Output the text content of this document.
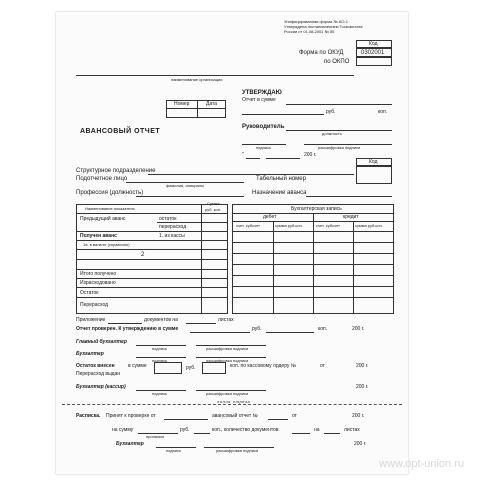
Унифицированная форма № АО-1
Утверждена постановлением Госкомстата
России от 01.08.2001 № 55
Код
Форма по ОКУД	0302001
по ОКПО
наименование организации
АВАНСОВЫЙ ОТЧЕТ
Номер	Дата
УТВЕРЖДАЮ
Отчет в сумме
руб.	коп.
Руководитель
должность
подпись	расшифровка подписи
"	200 г.
Код
Структурное подразделение
Подотчетное лицо
фамилия, инициалы
Табельный номер
Профессия (должность)	Назначение аванса
Наименование показателя
Сумма
руб. коп.
Предыдущий аванс	остаток
перерасход
Получен аванс	1. из кассы
1а. в валюте (справочно)
2
Итого получено
Израсходовано
Остаток
Перерасход
Бухгалтерская запись
дебет	кредит
счет, субсчет	сумма руб.коп.	счет, субсчет	сумма руб.коп.
Приложение	документов на	листах
Отчет проверен. К утверждению в сумме	руб.	коп.	200 г.
Главный бухгалтер
подпись	расшифровка подписи
Бухгалтер
подпись	расшифровка подписи
Остаток внесен
Перерасход выдан
в сумме	руб.	коп. по кассовому ордеру №	от	200 г.
Бухгалтер (кассир)
подпись	расшифровка подписи
200 г.
линия отреза
Расписка. Принят к проверке от	авансовый отчет №	от	200 г.
на сумму
прописью
руб.	коп., количество документов	на	листах
Бухгалтер
подпись	расшифровка подписи
200 г.
www.opt-union.ru
